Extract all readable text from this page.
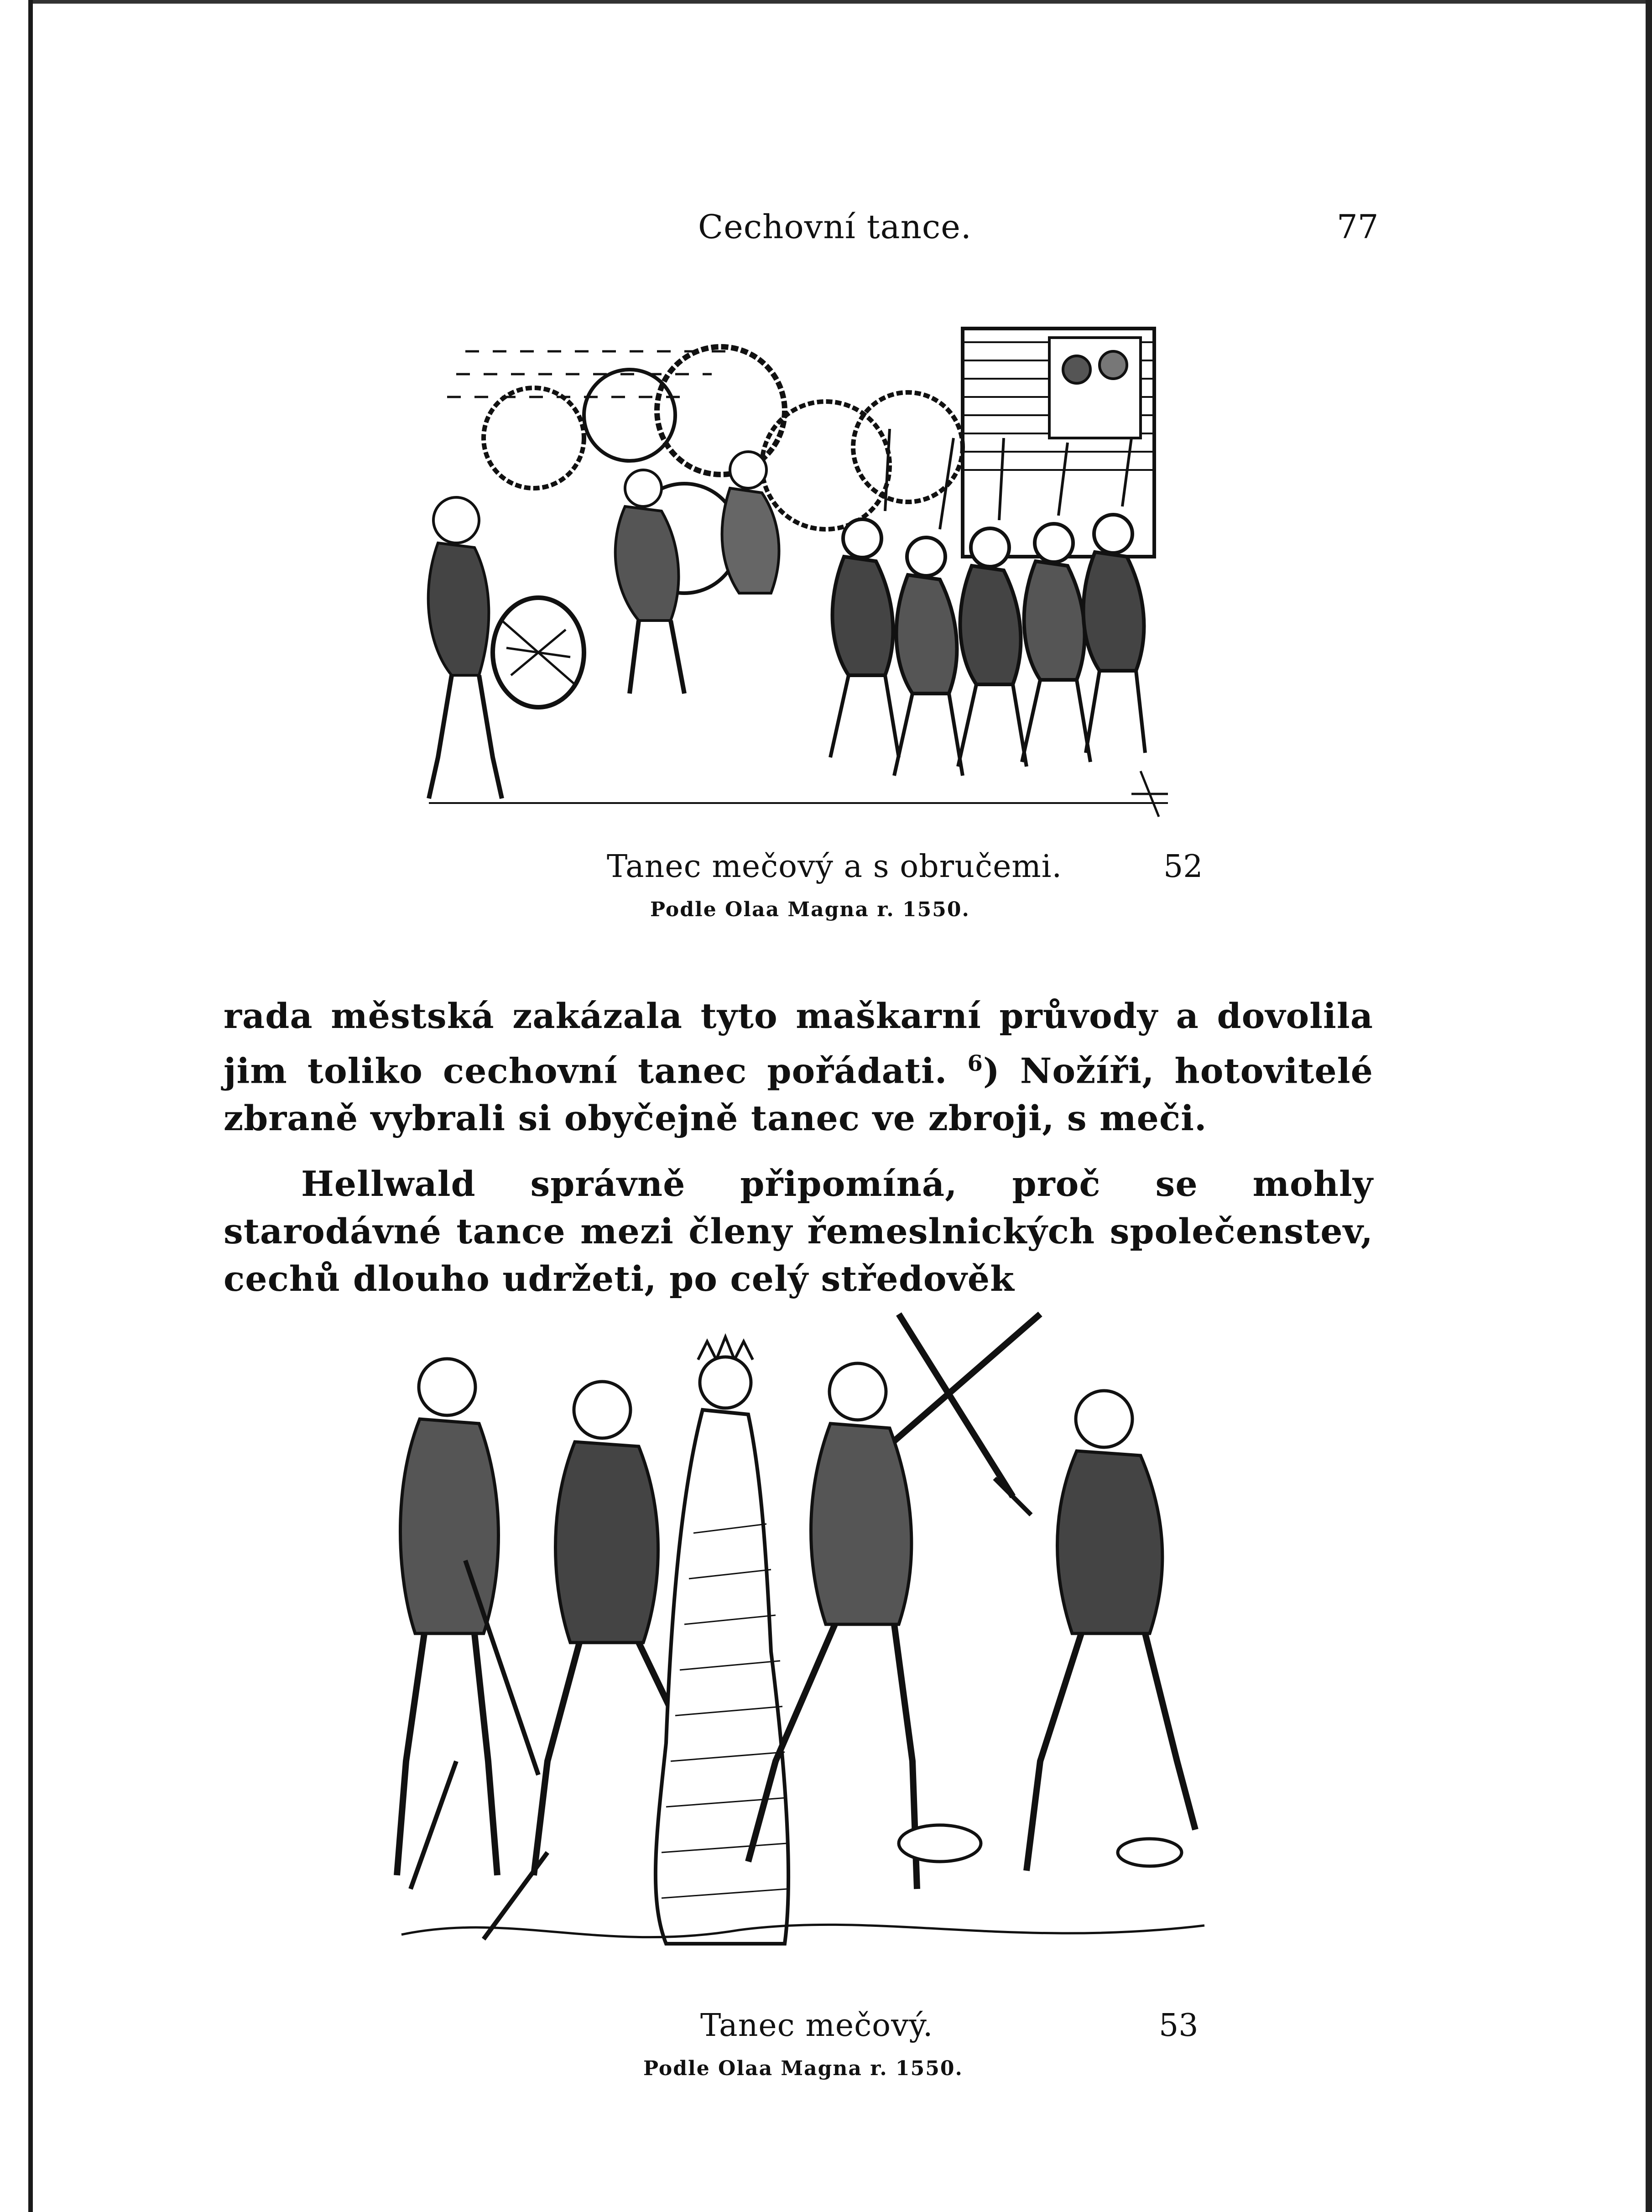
Cechovní tance.	77
Tanec mečový a s obručemi.	52
Podle Olaa Magna r. 1550.

rada městská zakázala tyto maškarní průvody a dovolila jim toliko cechovní tanec pořádati. $^6$) Nožíři, hotovitelé zbraně vybrali si obyčejně tanec ve zbroji, s meči.

Hellwald správně připomíná, proč se mohly starodávné tance mezi členy řemeslnických společenstev, cechů dlouho udržeti, po celý středověk

Tanec mečový.	53
Podle Olaa Magna r. 1550.
